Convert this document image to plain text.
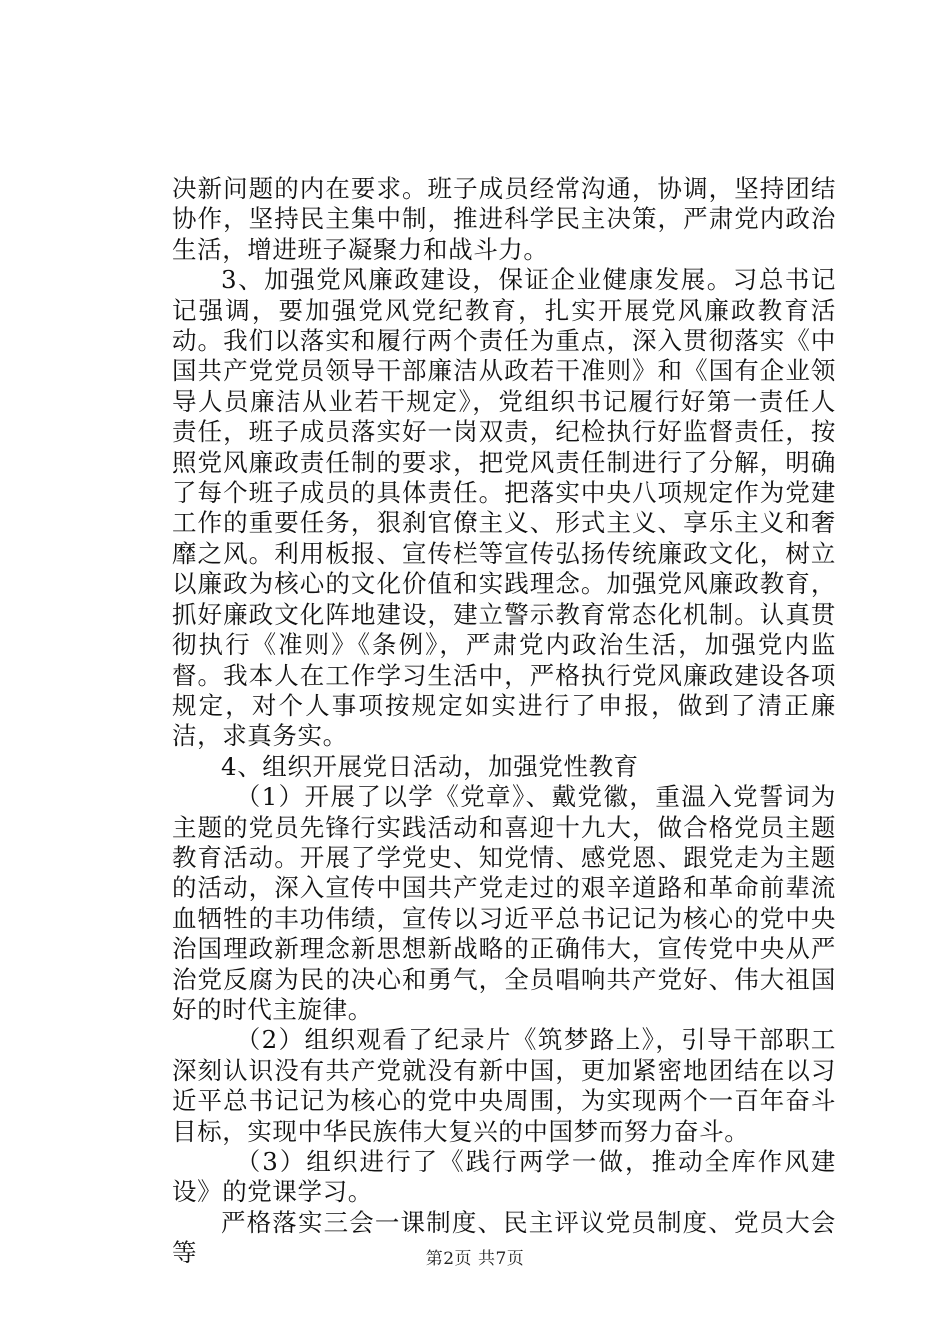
决新问题的内在要求。班子成员经常沟通，协调，坚持团结协作，坚持民主集中制，推进科学民主决策，严肃党内政治生活，增进班子凝聚力和战斗力。

3、加强党风廉政建设，保证企业健康发展。习总书记记强调，要加强党风党纪教育，扎实开展党风廉政教育活动。我们以落实和履行两个责任为重点，深入贯彻落实《中国共产党党员领导干部廉洁从政若干准则》和《国有企业领导人员廉洁从业若干规定》，党组织书记履行好第一责任人责任，班子成员落实好一岗双责，纪检执行好监督责任，按照党风廉政责任制的要求，把党风责任制进行了分解，明确了每个班子成员的具体责任。把落实中央八项规定作为党建工作的重要任务，狠刹官僚主义、形式主义、享乐主义和奢靡之风。利用板报、宣传栏等宣传弘扬传统廉政文化，树立以廉政为核心的文化价值和实践理念。加强党风廉政教育，抓好廉政文化阵地建设，建立警示教育常态化机制。认真贯彻执行《准则》《条例》，严肃党内政治生活，加强党内监督。我本人在工作学习生活中，严格执行党风廉政建设各项规定，对个人事项按规定如实进行了申报，做到了清正廉洁，求真务实。

4、组织开展党日活动，加强党性教育

（1）开展了以学《党章》、戴党徽，重温入党誓词为主题的党员先锋行实践活动和喜迎十九大，做合格党员主题教育活动。开展了学党史、知党情、感党恩、跟党走为主题的活动，深入宣传中国共产党走过的艰辛道路和革命前辈流血牺牲的丰功伟绩，宣传以习近平总书记记为核心的党中央治国理政新理念新思想新战略的正确伟大，宣传党中央从严治党反腐为民的决心和勇气，全员唱响共产党好、伟大祖国好的时代主旋律。

（2）组织观看了纪录片《筑梦路上》，引导干部职工深刻认识没有共产党就没有新中国，更加紧密地团结在以习近平总书记记为核心的党中央周围，为实现两个一百年奋斗目标，实现中华民族伟大复兴的中国梦而努力奋斗。

（3）组织进行了《践行两学一做，推动全库作风建设》的党课学习。

严格落实三会一课制度、民主评议党员制度、党员大会等	第2页 共7页
